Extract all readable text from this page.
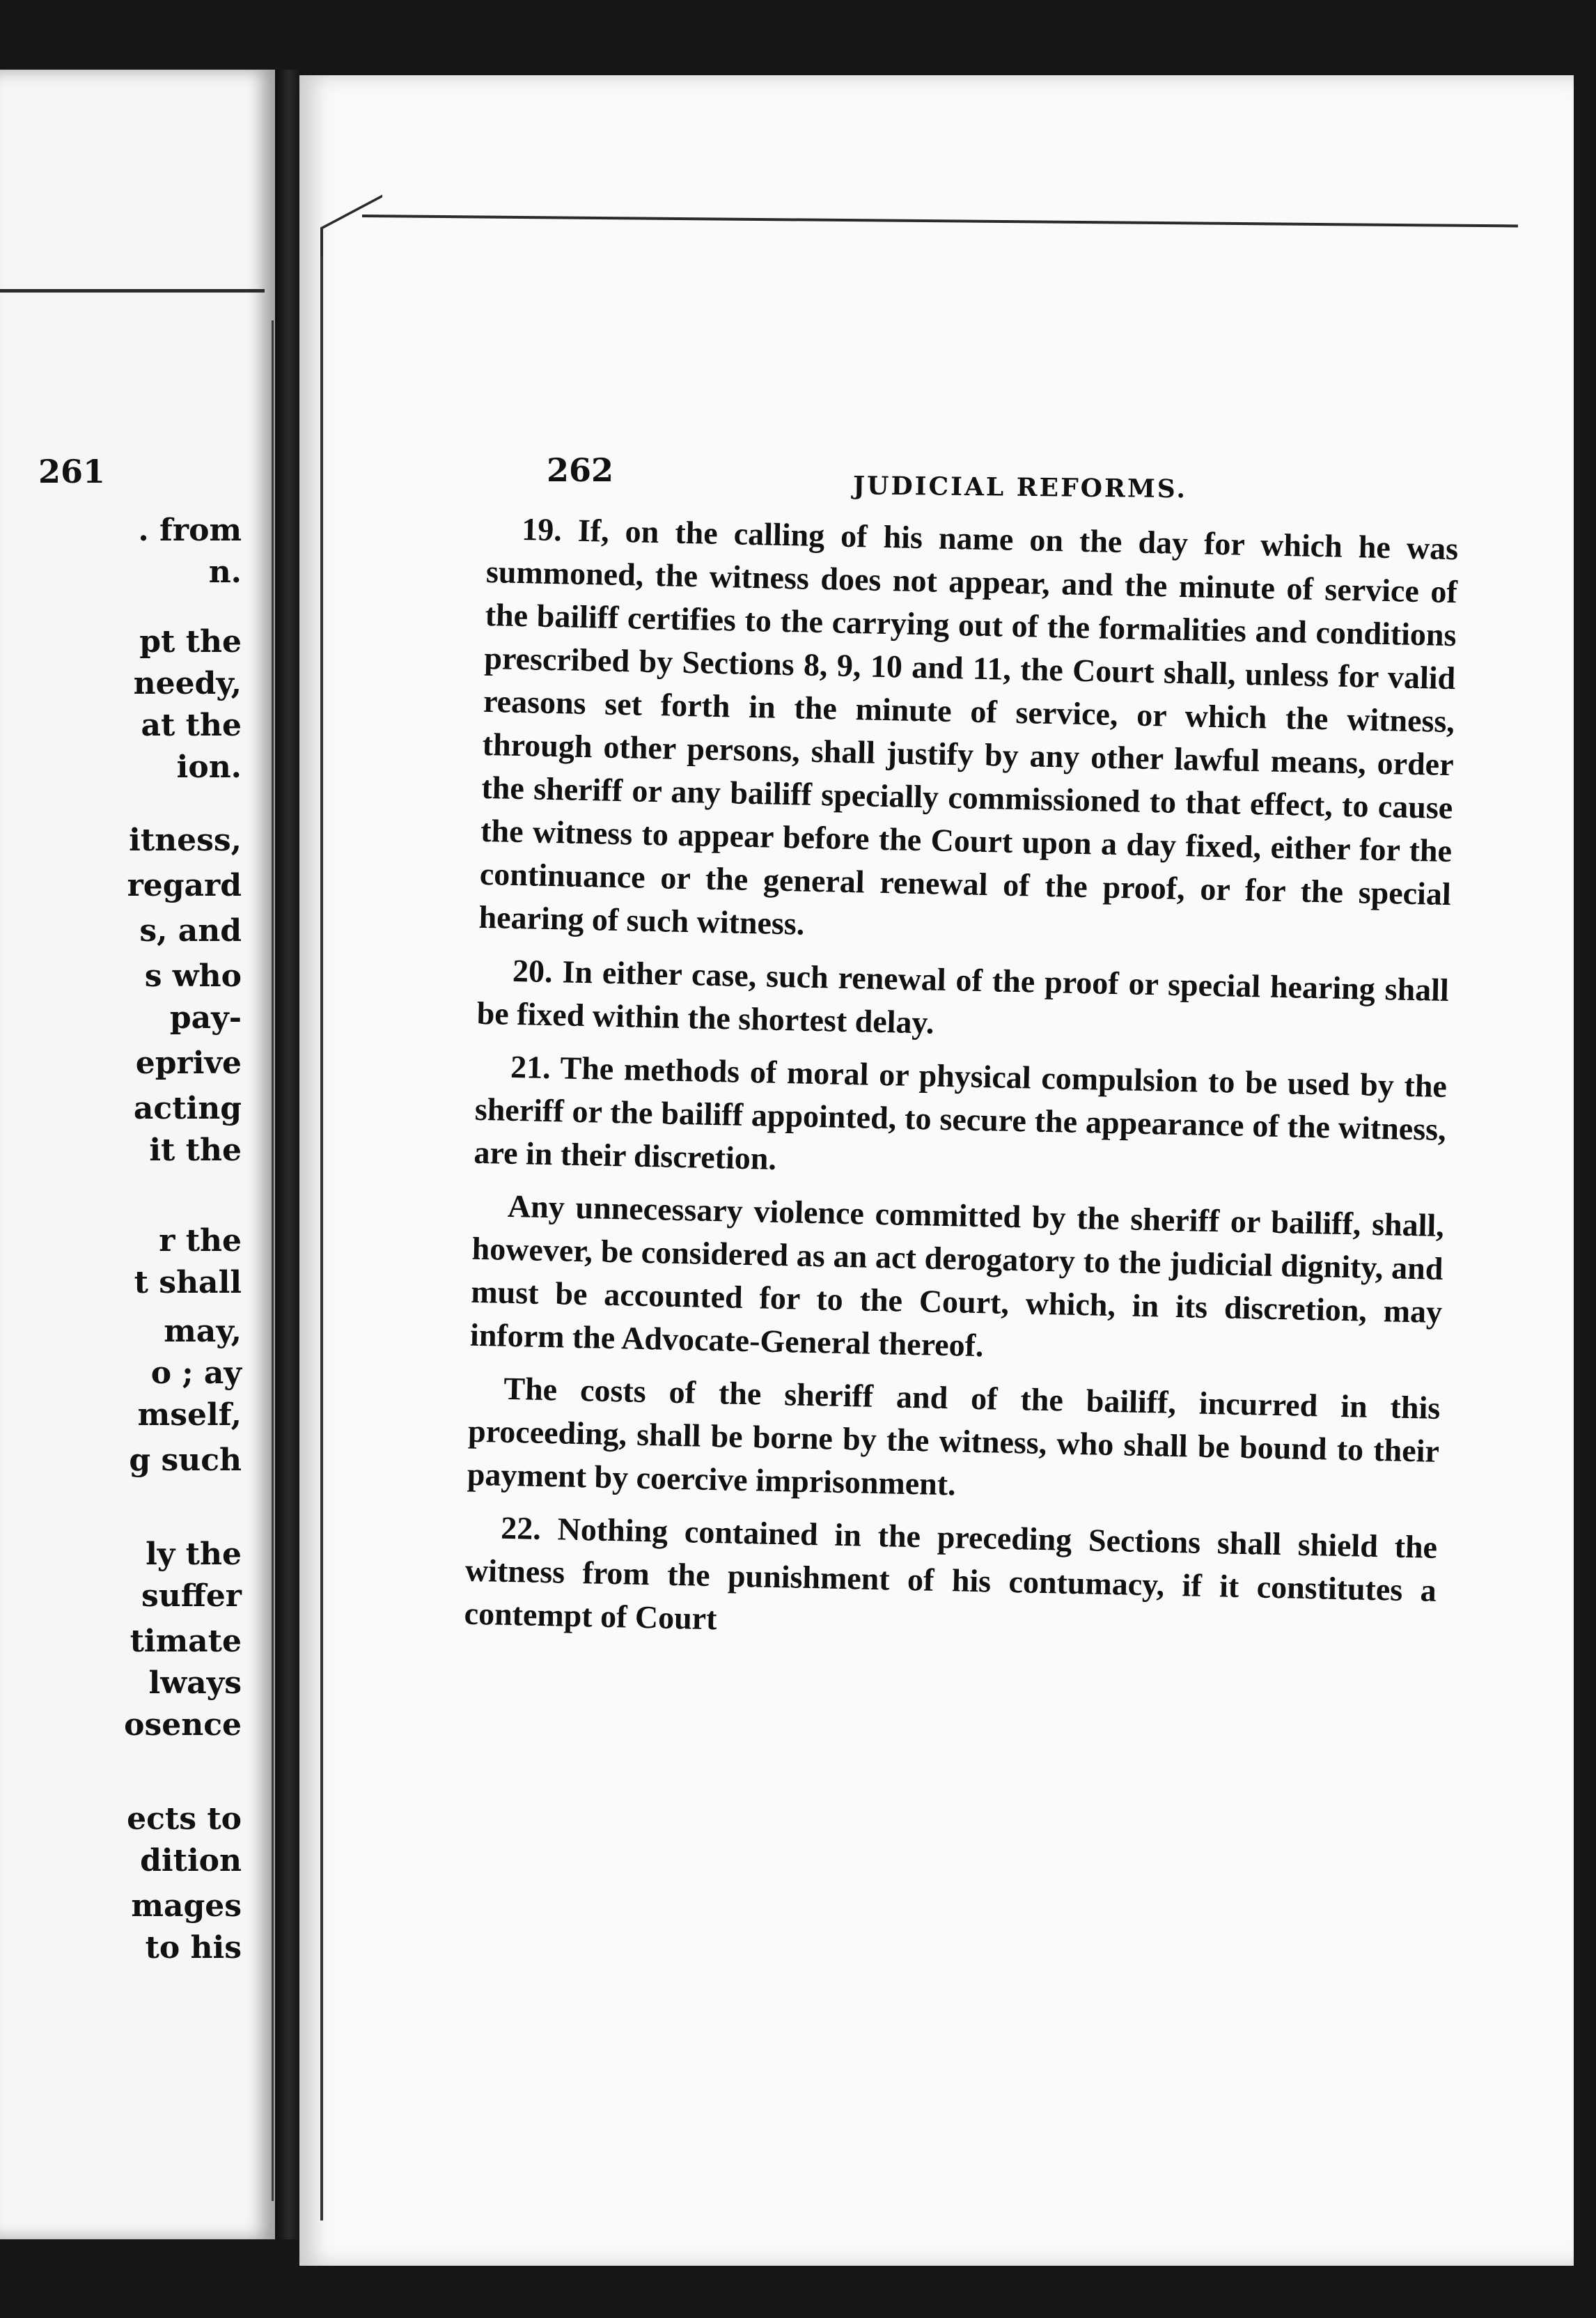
261
. from
n.
pt the
needy,
at the
ion.
itness,
regard
s, and
s who
pay-
eprive
acting
it the
r the
t shall
may,
o ; ay
mself,
g such
ly the
suffer
timate
lways
osence
ects to
dition
mages
to his
262	JUDICIAL REFORMS.

19. If, on the calling of his name on the day for which he was summoned, the witness does not appear, and the minute of service of the bailiff certifies to the carrying out of the formalities and conditions prescribed by Sections 8, 9, 10 and 11, the Court shall, unless for valid reasons set forth in the minute of service, or which the witness, through other persons, shall justify by any other lawful means, order the sheriff or any bailiff specially commissioned to that effect, to cause the witness to appear before the Court upon a day fixed, either for the continuance or the general renewal of the proof, or for the special hearing of such witness.

20. In either case, such renewal of the proof or special hearing shall be fixed within the shortest delay.

21. The methods of moral or physical compulsion to be used by the sheriff or the bailiff appointed, to secure the appearance of the witness, are in their discretion.

Any unnecessary violence committed by the sheriff or bailiff, shall, however, be considered as an act derogatory to the judicial dignity, and must be accounted for to the Court, which, in its discretion, may inform the Advocate-General thereof.

The costs of the sheriff and of the bailiff, incurred in this proceeding, shall be borne by the witness, who shall be bound to their payment by coercive imprisonment.

22. Nothing contained in the preceding Sections shall shield the witness from the punishment of his contumacy, if it constitutes a contempt of Court
